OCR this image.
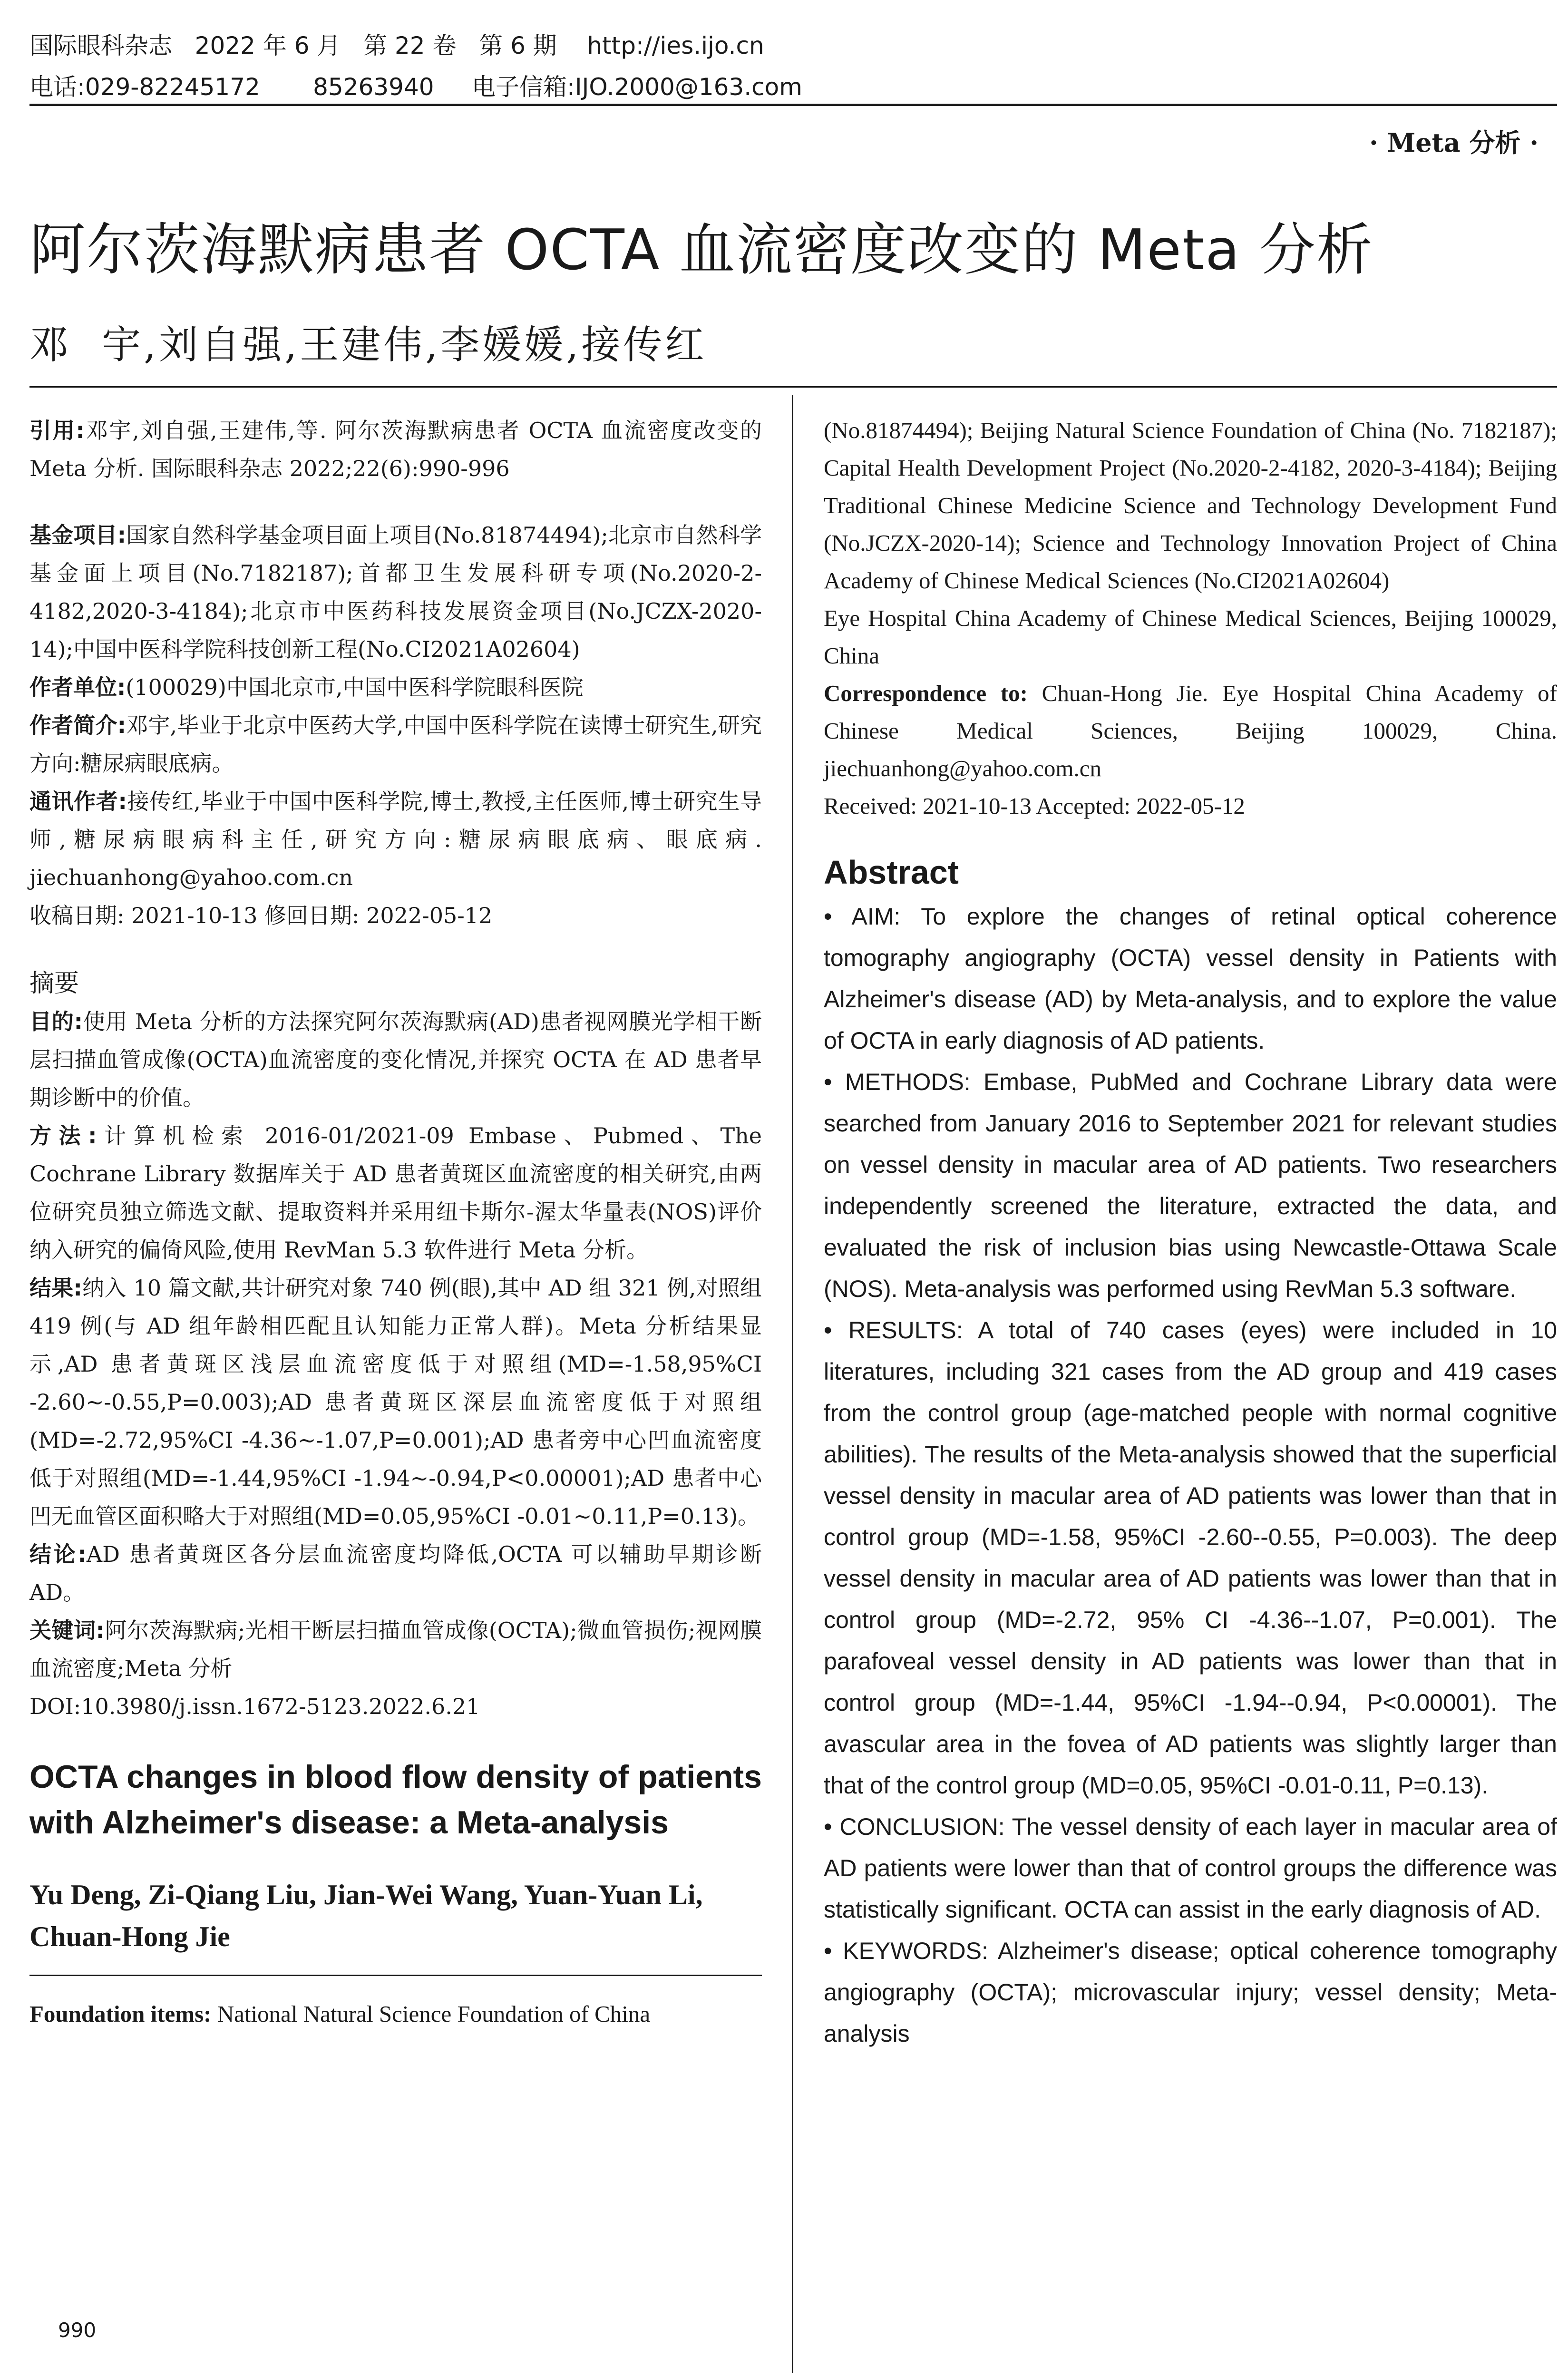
国际眼科杂志   2022 年 6 月   第 22 卷   第 6 期    http://ies.ijo.cn
电话:029-82245172       85263940     电子信箱:IJO.2000@163.com
· Meta 分析 ·
阿尔茨海默病患者 OCTA 血流密度改变的 Meta 分析
邓  宇,刘自强,王建伟,李媛媛,接传红

引用:邓宇,刘自强,王建伟,等. 阿尔茨海默病患者 OCTA 血流密度改变的 Meta 分析. 国际眼科杂志 2022;22(6):990-996

基金项目:国家自然科学基金项目面上项目(No.81874494);北京市自然科学基金面上项目(No.7182187);首都卫生发展科研专项(No.2020-2-4182,2020-3-4184);北京市中医药科技发展资金项目(No.JCZX-2020-14);中国中医科学院科技创新工程(No.CI2021A02604)

作者单位:(100029)中国北京市,中国中医科学院眼科医院

作者简介:邓宇,毕业于北京中医药大学,中国中医科学院在读博士研究生,研究方向:糖尿病眼底病。

通讯作者:接传红,毕业于中国中医科学院,博士,教授,主任医师,博士研究生导师,糖尿病眼病科主任,研究方向:糖尿病眼底病、眼底病. jiechuanhong@yahoo.com.cn

收稿日期: 2021-10-13 修回日期: 2022-05-12

摘要

目的:使用 Meta 分析的方法探究阿尔茨海默病(AD)患者视网膜光学相干断层扫描血管成像(OCTA)血流密度的变化情况,并探究 OCTA 在 AD 患者早期诊断中的价值。

方法:计算机检索 2016-01/2021-09 Embase、Pubmed、The Cochrane Library 数据库关于 AD 患者黄斑区血流密度的相关研究,由两位研究员独立筛选文献、提取资料并采用纽卡斯尔-渥太华量表(NOS)评价纳入研究的偏倚风险,使用 RevMan 5.3 软件进行 Meta 分析。

结果:纳入 10 篇文献,共计研究对象 740 例(眼),其中 AD 组 321 例,对照组 419 例(与 AD 组年龄相匹配且认知能力正常人群)。Meta 分析结果显示,AD 患者黄斑区浅层血流密度低于对照组(MD=-1.58,95%CI -2.60~-0.55,P=0.003);AD 患者黄斑区深层血流密度低于对照组(MD=-2.72,95%CI -4.36~-1.07,P=0.001);AD 患者旁中心凹血流密度低于对照组(MD=-1.44,95%CI -1.94~-0.94,P<0.00001);AD 患者中心凹无血管区面积略大于对照组(MD=0.05,95%CI -0.01~0.11,P=0.13)。

结论:AD 患者黄斑区各分层血流密度均降低,OCTA 可以辅助早期诊断 AD。

关键词:阿尔茨海默病;光相干断层扫描血管成像(OCTA);微血管损伤;视网膜血流密度;Meta 分析

DOI:10.3980/j.issn.1672-5123.2022.6.21

OCTA changes in blood flow density of patients with Alzheimer's disease: a Meta-analysis

Yu Deng, Zi-Qiang Liu, Jian-Wei Wang, Yuan-Yuan Li, Chuan-Hong Jie

Foundation items: National Natural Science Foundation of China

(No.81874494); Beijing Natural Science Foundation of China (No. 7182187); Capital Health Development Project (No.2020-2-4182, 2020-3-4184); Beijing Traditional Chinese Medicine Science and Technology Development Fund (No.JCZX-2020-14); Science and Technology Innovation Project of China Academy of Chinese Medical Sciences (No.CI2021A02604)

Eye Hospital China Academy of Chinese Medical Sciences, Beijing 100029, China

Correspondence to: Chuan-Hong Jie. Eye Hospital China Academy of Chinese Medical Sciences, Beijing 100029, China. jiechuanhong@yahoo.com.cn

Received: 2021-10-13 Accepted: 2022-05-12

Abstract

• AIM: To explore the changes of retinal optical coherence tomography angiography (OCTA) vessel density in Patients with Alzheimer's disease (AD) by Meta-analysis, and to explore the value of OCTA in early diagnosis of AD patients.

• METHODS: Embase, PubMed and Cochrane Library data were searched from January 2016 to September 2021 for relevant studies on vessel density in macular area of AD patients. Two researchers independently screened the literature, extracted the data, and evaluated the risk of inclusion bias using Newcastle-Ottawa Scale (NOS). Meta-analysis was performed using RevMan 5.3 software.

• RESULTS: A total of 740 cases (eyes) were included in 10 literatures, including 321 cases from the AD group and 419 cases from the control group (age-matched people with normal cognitive abilities). The results of the Meta-analysis showed that the superficial vessel density in macular area of AD patients was lower than that in control group (MD=-1.58, 95%CI -2.60--0.55, P=0.003). The deep vessel density in macular area of AD patients was lower than that in control group (MD=-2.72, 95% CI -4.36--1.07, P=0.001). The parafoveal vessel density in AD patients was lower than that in control group (MD=-1.44, 95%CI -1.94--0.94, P<0.00001). The avascular area in the fovea of AD patients was slightly larger than that of the control group (MD=0.05, 95%CI -0.01-0.11, P=0.13).

• CONCLUSION: The vessel density of each layer in macular area of AD patients were lower than that of control groups the difference was statistically significant. OCTA can assist in the early diagnosis of AD.

• KEYWORDS: Alzheimer's disease; optical coherence tomography angiography (OCTA); microvascular injury; vessel density; Meta-analysis

990
